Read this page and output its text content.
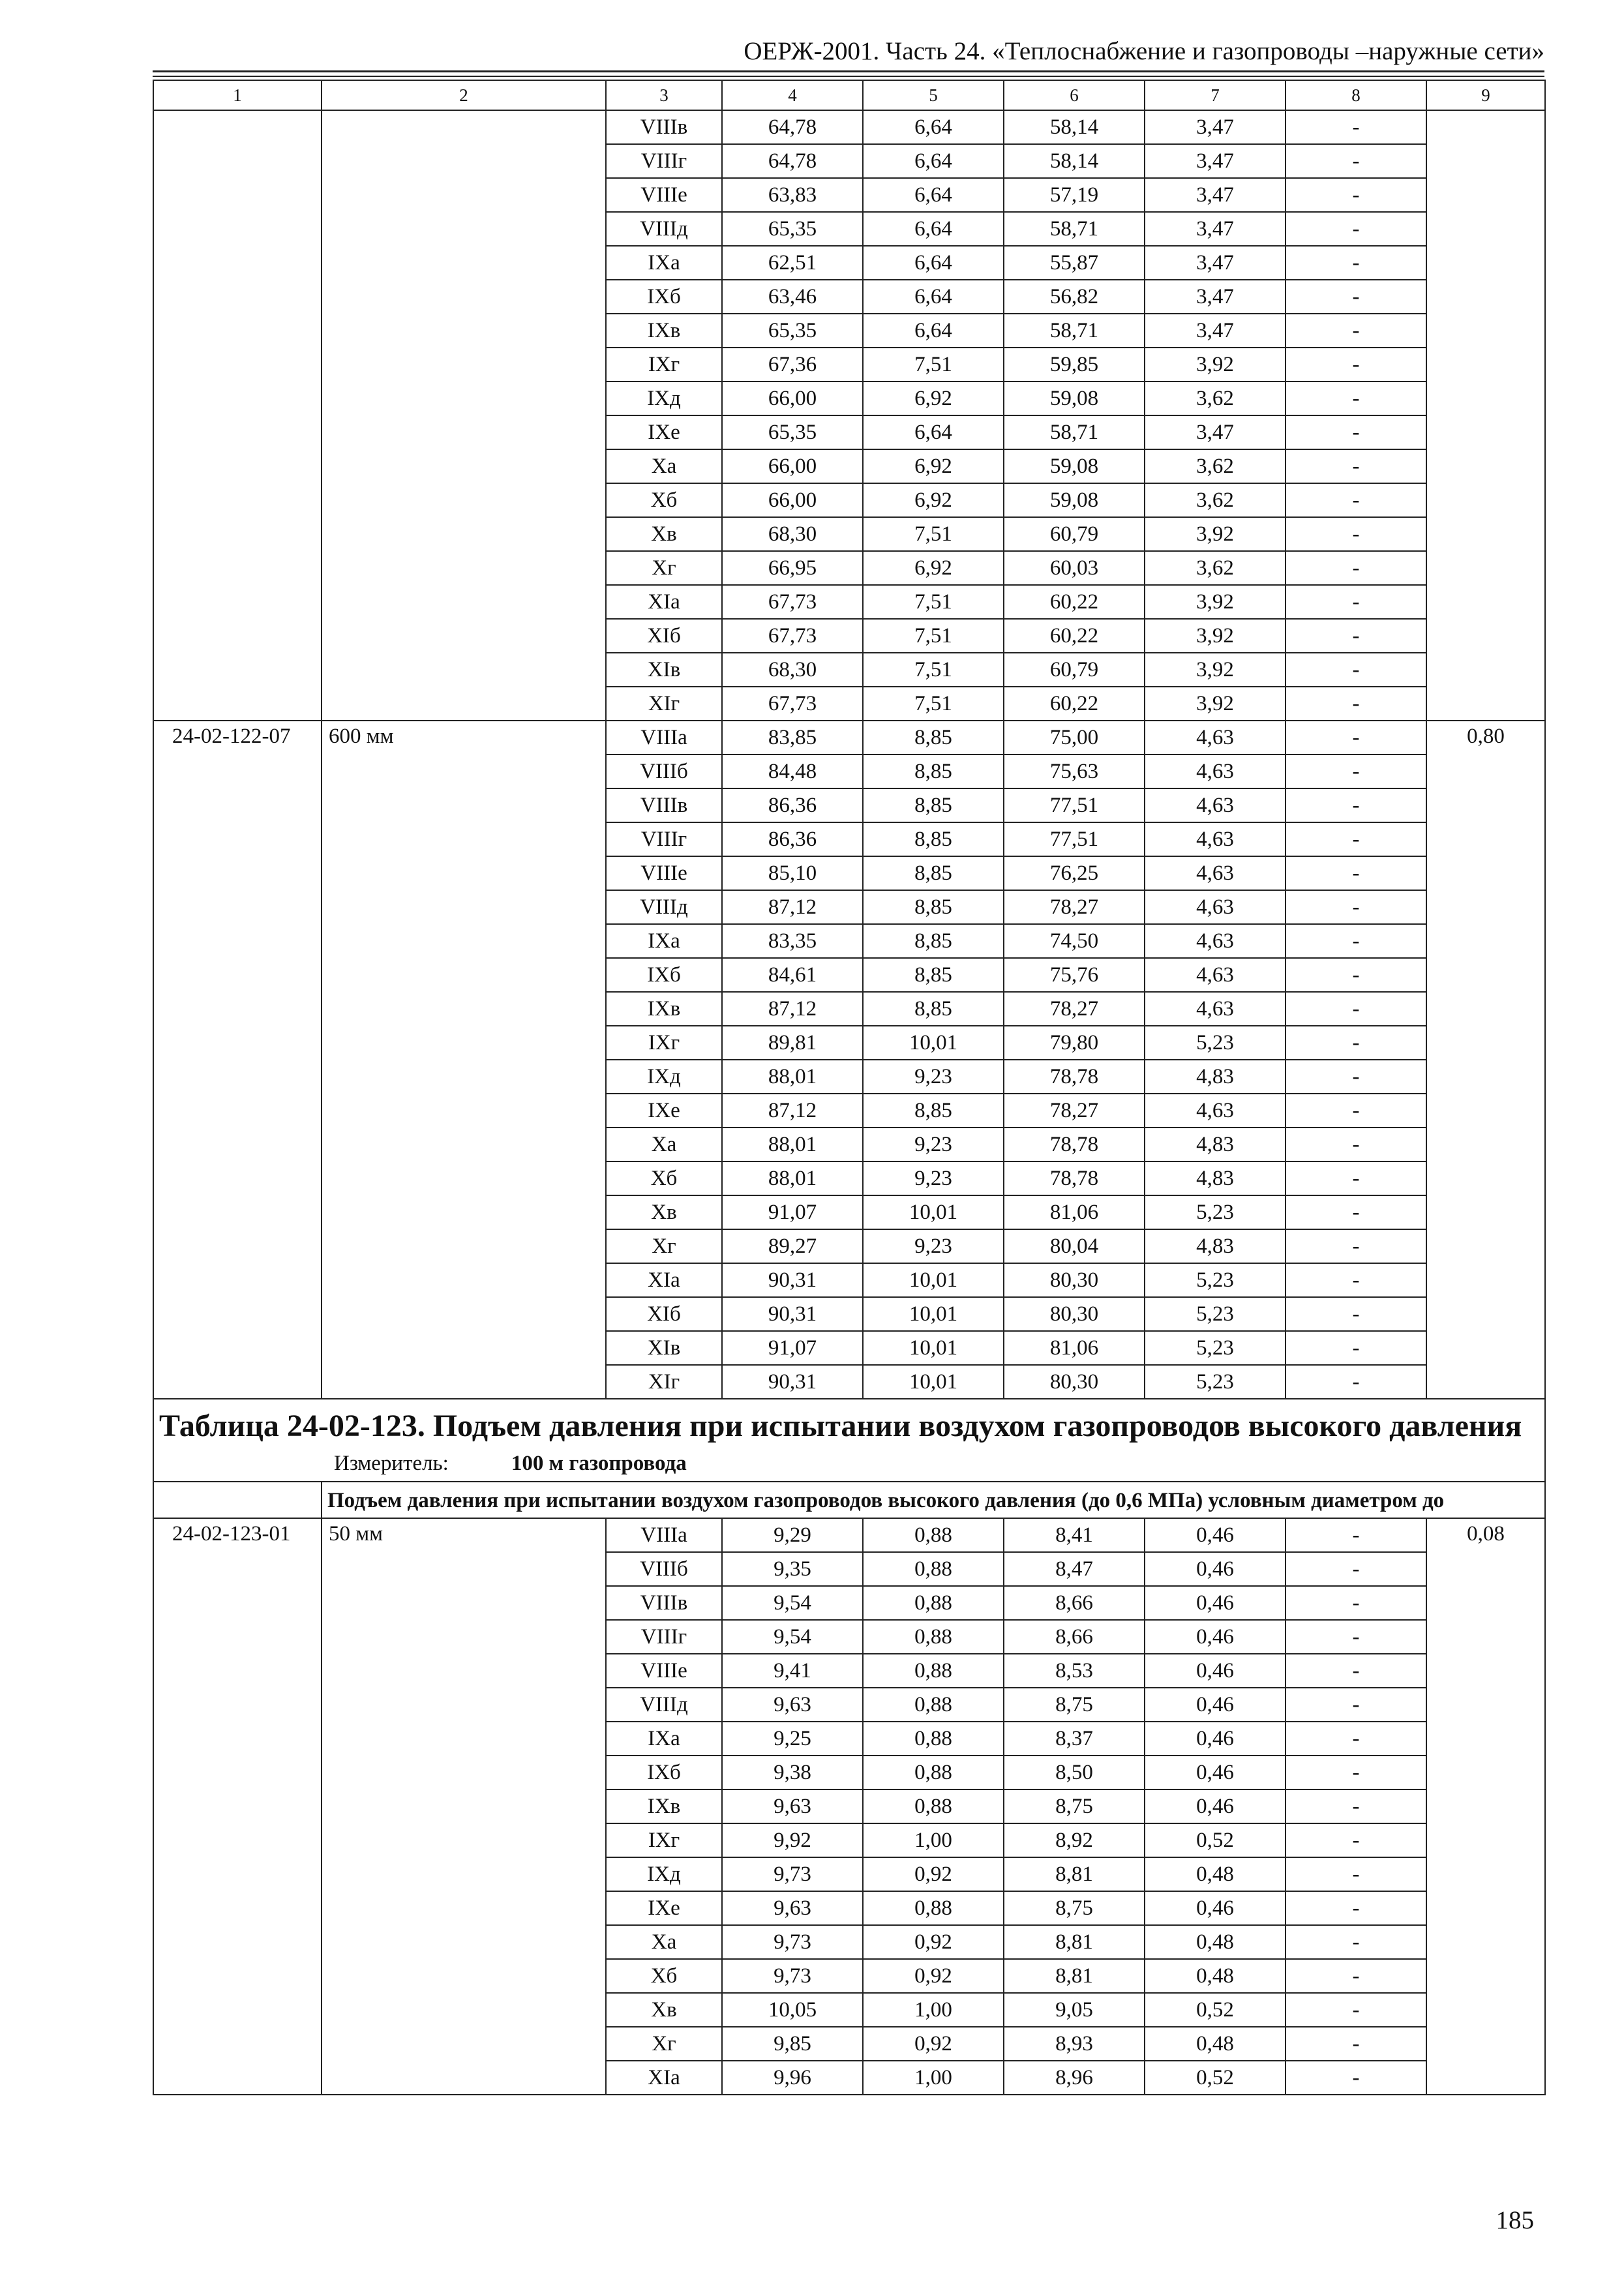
ОЕРЖ-2001. Часть 24. «Теплоснабжение и газопроводы –наружные сети»
1	2	3	4	5	6	7	8	9
		VIIIв	64,78	6,64	58,14	3,47	-	
		VIIIг	64,78	6,64	58,14	3,47	-	
		VIIIe	63,83	6,64	57,19	3,47	-	
		VIIIд	65,35	6,64	58,71	3,47	-	
		IXа	62,51	6,64	55,87	3,47	-	
		IXб	63,46	6,64	56,82	3,47	-	
		IXв	65,35	6,64	58,71	3,47	-	
		IXг	67,36	7,51	59,85	3,92	-	
		IXд	66,00	6,92	59,08	3,62	-	
		IXе	65,35	6,64	58,71	3,47	-	
		Xа	66,00	6,92	59,08	3,62	-	
		Xб	66,00	6,92	59,08	3,62	-	
		Xв	68,30	7,51	60,79	3,92	-	
		Xг	66,95	6,92	60,03	3,62	-	
		XIа	67,73	7,51	60,22	3,92	-	
		XIб	67,73	7,51	60,22	3,92	-	
		XIв	68,30	7,51	60,79	3,92	-	
		XIг	67,73	7,51	60,22	3,92	-	
24-02-122-07	600 мм	VIIIа	83,85	8,85	75,00	4,63	-	0,80
		VIIIб	84,48	8,85	75,63	4,63	-	
		VIIIв	86,36	8,85	77,51	4,63	-	
		VIIIг	86,36	8,85	77,51	4,63	-	
		VIIIе	85,10	8,85	76,25	4,63	-	
		VIIIд	87,12	8,85	78,27	4,63	-	
		IXа	83,35	8,85	74,50	4,63	-	
		IXб	84,61	8,85	75,76	4,63	-	
		IXв	87,12	8,85	78,27	4,63	-	
		IXг	89,81	10,01	79,80	5,23	-	
		IXд	88,01	9,23	78,78	4,83	-	
		IXе	87,12	8,85	78,27	4,63	-	
		Xа	88,01	9,23	78,78	4,83	-	
		Xб	88,01	9,23	78,78	4,83	-	
		Xв	91,07	10,01	81,06	5,23	-	
		Xг	89,27	9,23	80,04	4,83	-	
		XIа	90,31	10,01	80,30	5,23	-	
		XIб	90,31	10,01	80,30	5,23	-	
		XIв	91,07	10,01	81,06	5,23	-	
		XIг	90,31	10,01	80,30	5,23	-	

Таблица 24-02-123. Подъем давления при испытании воздухом газопроводов высокого давления
Измеритель: 100 м газопровода								

	Подъем давления при испытании воздухом газопроводов высокого давления (до 0,6 МПа) условным диаметром до							
24-02-123-01	50 мм	VIIIа	9,29	0,88	8,41	0,46	-	0,08
		VIIIб	9,35	0,88	8,47	0,46	-	
		VIIIв	9,54	0,88	8,66	0,46	-	
		VIIIг	9,54	0,88	8,66	0,46	-	
		VIIIе	9,41	0,88	8,53	0,46	-	
		VIIIд	9,63	0,88	8,75	0,46	-	
		IXа	9,25	0,88	8,37	0,46	-	
		IXб	9,38	0,88	8,50	0,46	-	
		IXв	9,63	0,88	8,75	0,46	-	
		IXг	9,92	1,00	8,92	0,52	-	
		IXд	9,73	0,92	8,81	0,48	-	
		IXе	9,63	0,88	8,75	0,46	-	
		Xа	9,73	0,92	8,81	0,48	-	
		Xб	9,73	0,92	8,81	0,48	-	
		Xв	10,05	1,00	9,05	0,52	-	
		Xг	9,85	0,92	8,93	0,48	-	
		XIа	9,96	1,00	8,96	0,52	-	
185
